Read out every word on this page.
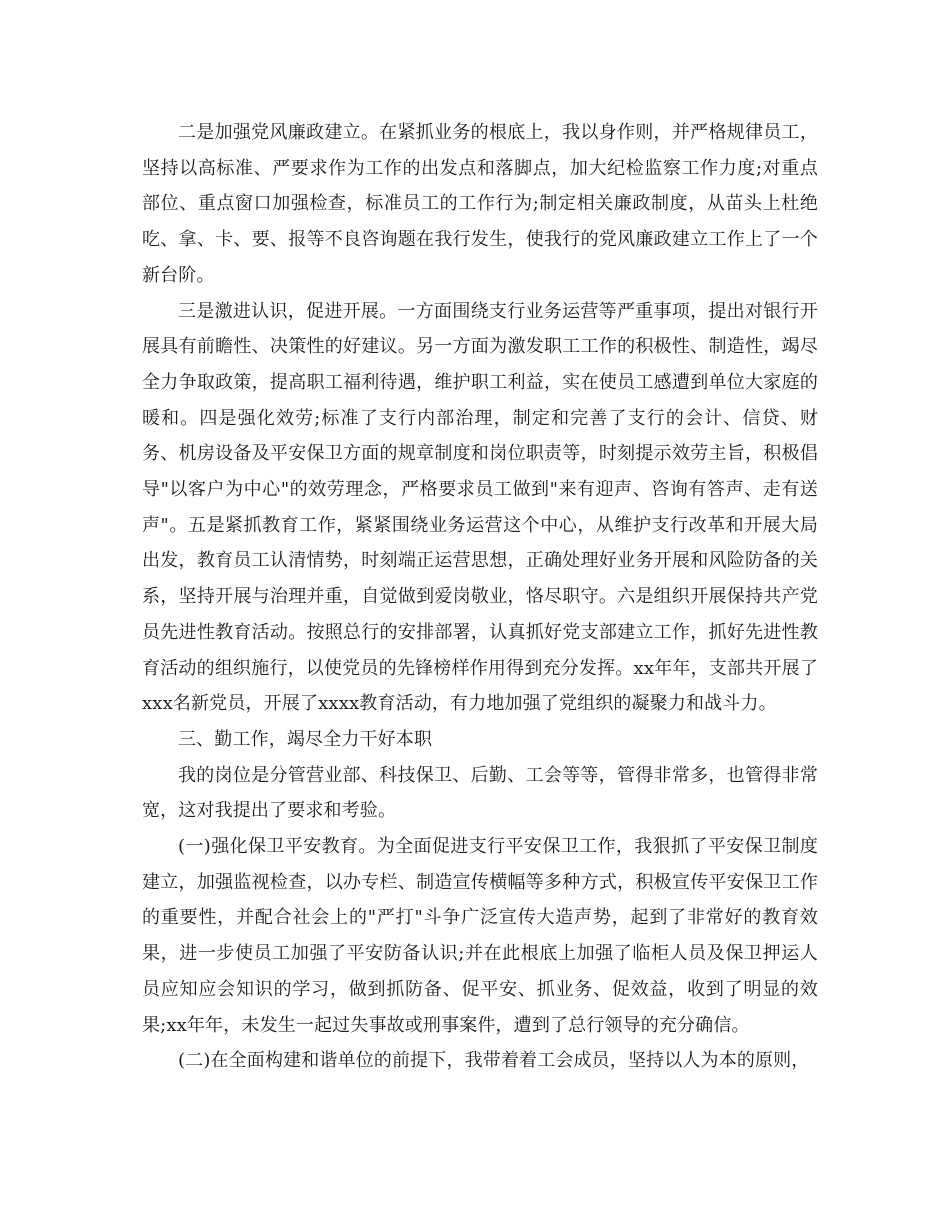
二是加强党风廉政建立。在紧抓业务的根底上，我以身作则，并严格规律员工，坚持以高标准、严要求作为工作的出发点和落脚点，加大纪检监察工作力度;对重点部位、重点窗口加强检查，标准员工的工作行为;制定相关廉政制度，从苗头上杜绝吃、拿、卡、要、报等不良咨询题在我行发生，使我行的党风廉政建立工作上了一个新台阶。

三是激进认识，促进开展。一方面围绕支行业务运营等严重事项，提出对银行开展具有前瞻性、决策性的好建议。另一方面为激发职工工作的积极性、制造性，竭尽全力争取政策，提高职工福利待遇，维护职工利益，实在使员工感遭到单位大家庭的暖和。四是强化效劳;标准了支行内部治理，制定和完善了支行的会计、信贷、财务、机房设备及平安保卫方面的规章制度和岗位职责等，时刻提示效劳主旨，积极倡导"以客户为中心"的效劳理念，严格要求员工做到"来有迎声、咨询有答声、走有送声"。五是紧抓教育工作，紧紧围绕业务运营这个中心，从维护支行改革和开展大局出发，教育员工认清情势，时刻端正运营思想，正确处理好业务开展和风险防备的关系，坚持开展与治理并重，自觉做到爱岗敬业，恪尽职守。六是组织开展保持共产党员先进性教育活动。按照总行的安排部署，认真抓好党支部建立工作，抓好先进性教育活动的组织施行，以使党员的先锋榜样作用得到充分发挥。xx年年，支部共开展了xxx名新党员，开展了xxxx教育活动，有力地加强了党组织的凝聚力和战斗力。

三、勤工作，竭尽全力干好本职

我的岗位是分管营业部、科技保卫、后勤、工会等等，管得非常多，也管得非常宽，这对我提出了要求和考验。

(一)强化保卫平安教育。为全面促进支行平安保卫工作，我狠抓了平安保卫制度建立，加强监视检查，以办专栏、制造宣传横幅等多种方式，积极宣传平安保卫工作的重要性，并配合社会上的"严打"斗争广泛宣传大造声势，起到了非常好的教育效果，进一步使员工加强了平安防备认识;并在此根底上加强了临柜人员及保卫押运人员应知应会知识的学习，做到抓防备、促平安、抓业务、促效益，收到了明显的效果;xx年年，未发生一起过失事故或刑事案件，遭到了总行领导的充分确信。

(二)在全面构建和谐单位的前提下，我带着着工会成员，坚持以人为本的原则，
